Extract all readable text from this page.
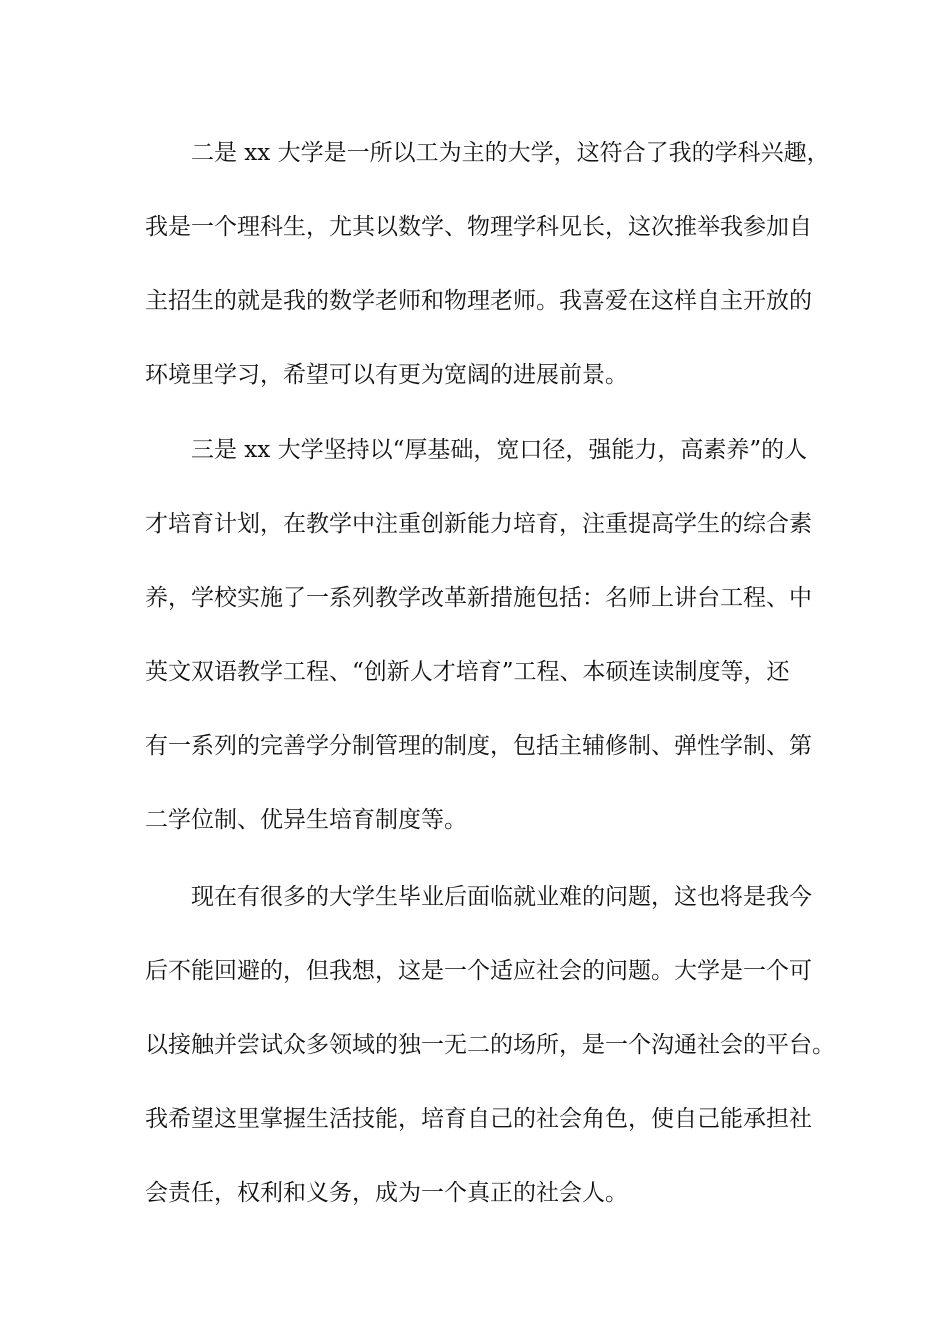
二是 xx 大学是一所以工为主的大学，这符合了我的学科兴趣，
我是一个理科生，尤其以数学、物理学科见长，这次推举我参加自
主招生的就是我的数学老师和物理老师。我喜爱在这样自主开放的
环境里学习，希望可以有更为宽阔的进展前景。
三是 xx 大学坚持以“厚基础，宽口径，强能力，高素养”的人
才培育计划，在教学中注重创新能力培育，注重提高学生的综合素
养，学校实施了一系列教学改革新措施包括：名师上讲台工程、中
英文双语教学工程、“创新人才培育”工程、本硕连读制度等，还
有一系列的完善学分制管理的制度，包括主辅修制、弹性学制、第
二学位制、优异生培育制度等。
现在有很多的大学生毕业后面临就业难的问题，这也将是我今
后不能回避的，但我想，这是一个适应社会的问题。大学是一个可
以接触并尝试众多领域的独一无二的场所，是一个沟通社会的平台。
我希望这里掌握生活技能，培育自己的社会角色，使自己能承担社
会责任，权利和义务，成为一个真正的社会人。
